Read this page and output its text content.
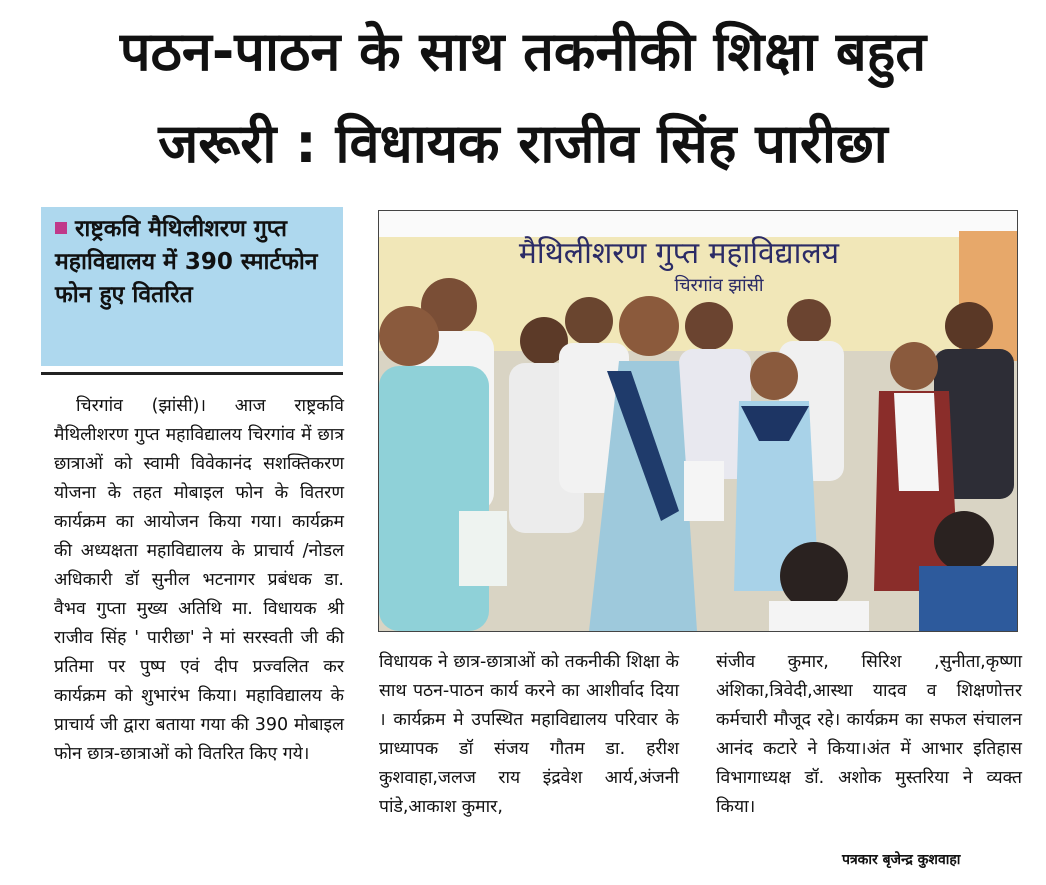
पठन-पाठन के साथ तकनीकी शिक्षा बहुत
जरूरी : विधायक राजीव सिंह पारीछा
राष्ट्रकवि मैथिलीशरण गुप्त महाविद्यालय में 390 स्मार्टफोन फोन हुए वितरित

चिरगांव (झांसी)। आज राष्ट्रकवि मैथिलीशरण गुप्त महाविद्यालय चिरगांव में छात्र छात्राओं को स्वामी विवेकानंद सशक्तिकरण योजना के तहत मोबाइल फोन के वितरण कार्यक्रम का आयोजन किया गया। कार्यक्रम की अध्यक्षता महाविद्यालय के प्राचार्य /नोडल अधिकारी डॉ सुनील भटनागर प्रबंधक डा. वैभव गुप्ता मुख्य अतिथि मा. विधायक श्री राजीव सिंह ' पारीछा' ने मां सरस्वती जी की प्रतिमा पर पुष्प एवं दीप प्रज्वलित कर कार्यक्रम को शुभारंभ किया। महाविद्यालय के प्राचार्य जी द्वारा बताया गया की 390 मोबाइल फोन छात्र-छात्राओं को वितरित किए गये।

मैथिलीशरण गुप्त महाविद्यालय
चिरगांव झांसी

विधायक ने छात्र-छात्राओं को तकनीकी शिक्षा के साथ पठन-पाठन कार्य करने का आशीर्वाद दिया । कार्यक्रम मे उपस्थित महाविद्यालय परिवार के प्राध्यापक डॉ संजय गौतम डा. हरीश कुशवाहा,जलज राय इंद्रवेश आर्य,अंजनी पांडे,आकाश कुमार,

संजीव कुमार, सिरिश ,सुनीता,कृष्णा अंशिका,त्रिवेदी,आस्था यादव व शिक्षणोत्तर कर्मचारी मौजूद रहे। कार्यक्रम का सफल संचालन आनंद कटारे ने किया।अंत में आभार इतिहास विभागाध्यक्ष डॉ. अशोक मुस्तरिया ने व्यक्त किया।

पत्रकार बृजेन्द्र कुशवाहा
